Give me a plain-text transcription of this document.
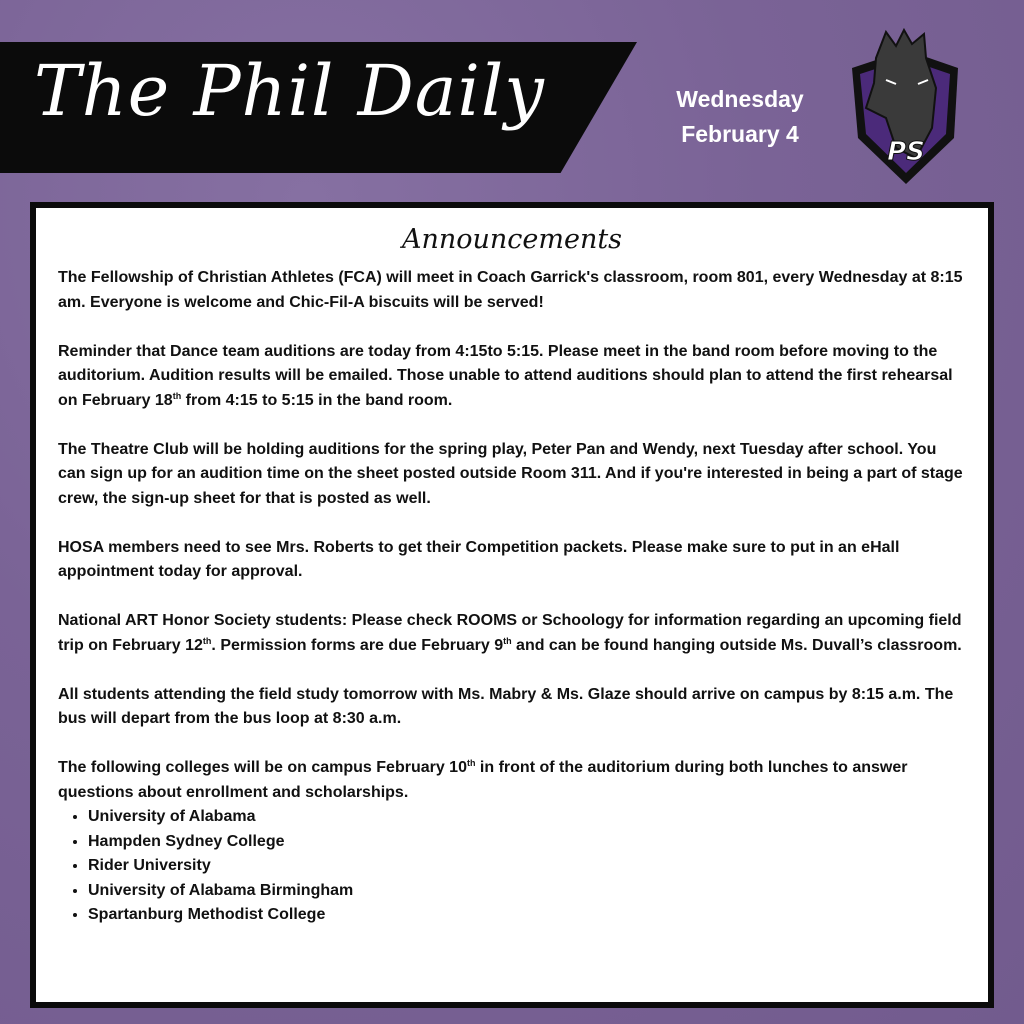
The Phil Daily	Wednesday
February 4
PS
Announcements

The Fellowship of Christian Athletes (FCA) will meet in Coach Garrick's classroom, room 801, every Wednesday at 8:15 am. Everyone is welcome and Chic-Fil-A biscuits will be served!

Reminder that Dance team auditions are today from 4:15to 5:15. Please meet in the band room before moving to the auditorium. Audition results will be emailed. Those unable to attend auditions should plan to attend the first rehearsal on February 18th from 4:15 to 5:15 in the band room.

The Theatre Club will be holding auditions for the spring play, Peter Pan and Wendy, next Tuesday after school. You can sign up for an audition time on the sheet posted outside Room 311. And if you're interested in being a part of stage crew, the sign-up sheet for that is posted as well.

HOSA members need to see Mrs. Roberts to get their Competition packets. Please make sure to put in an eHall appointment today for approval.

National ART Honor Society students: Please check ROOMS or Schoology for information regarding an upcoming field trip on February 12th. Permission forms are due February 9th and can be found hanging outside Ms. Duvall’s classroom.

All students attending the field study tomorrow with Ms. Mabry & Ms. Glaze should arrive on campus by 8:15 a.m. The bus will depart from the bus loop at 8:30 a.m.

The following colleges will be on campus February 10th in front of the auditorium during both lunches to answer questions about enrollment and scholarships.

• University of Alabama
• Hampden Sydney College
• Rider University
• University of Alabama Birmingham
• Spartanburg Methodist College
